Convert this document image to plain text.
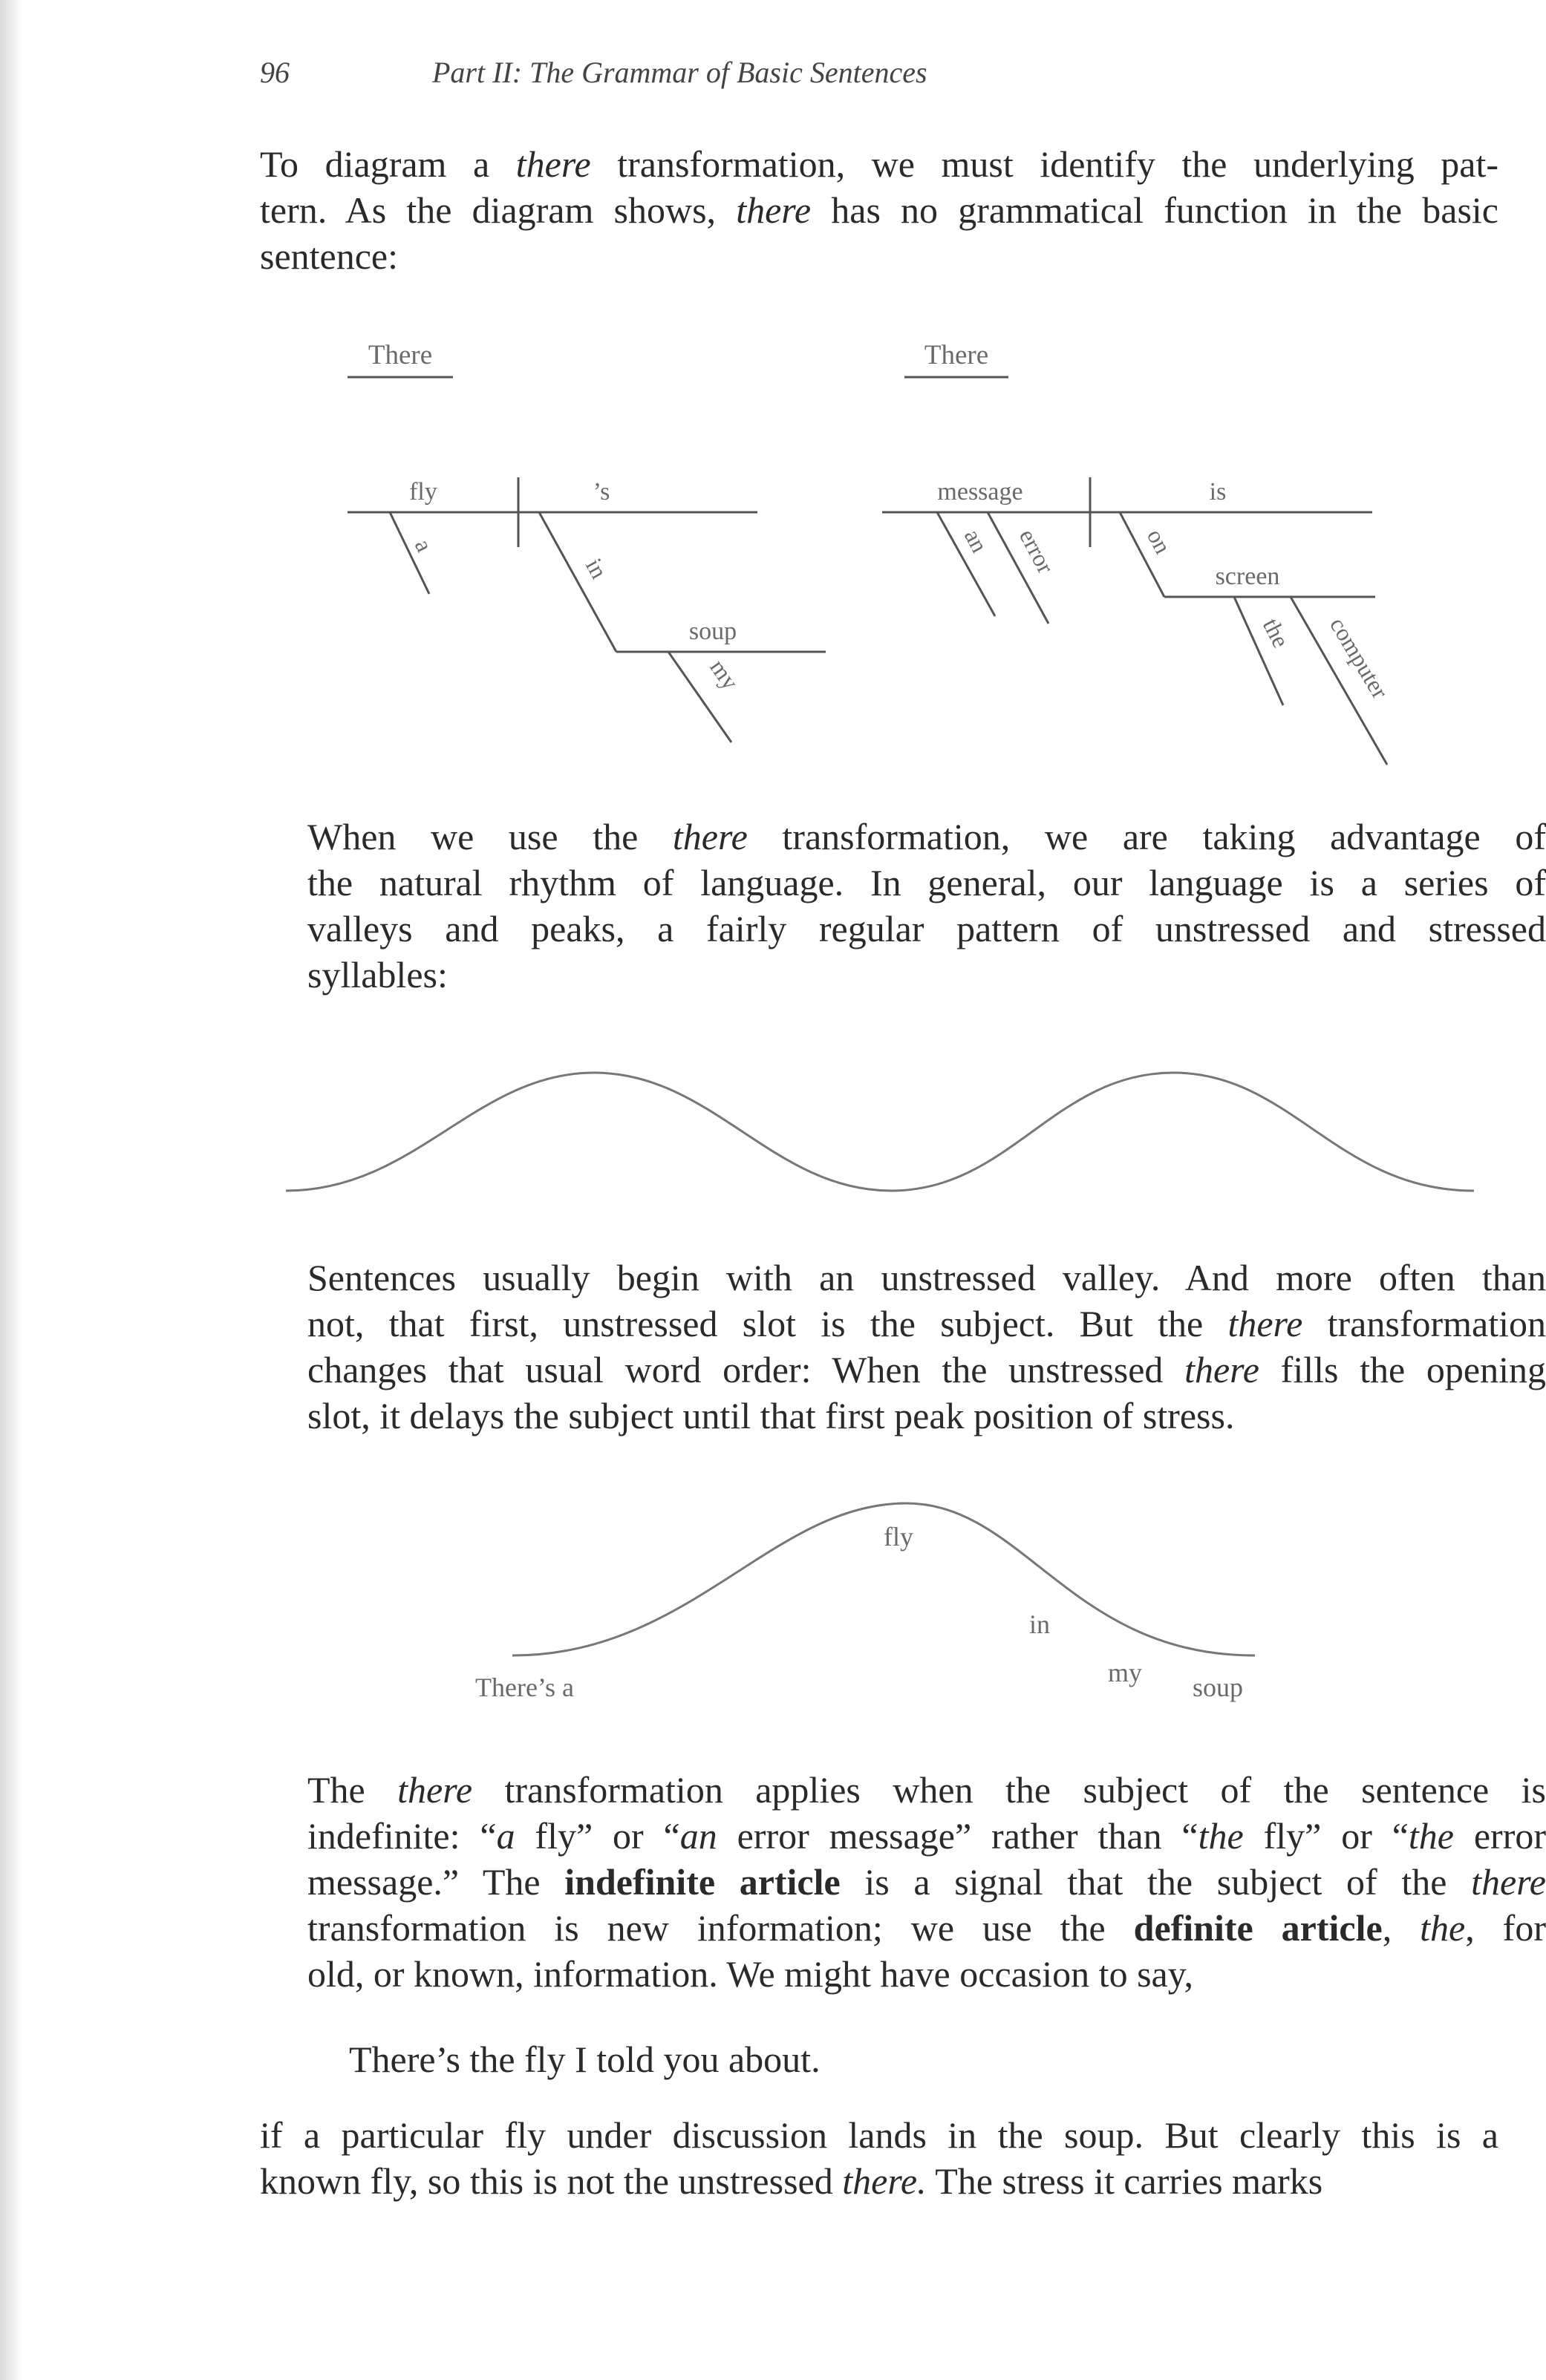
96	Part II: The Grammar of Basic Sentences
To diagram a there transformation, we must identify the underlying pat-
tern. As the diagram shows, there has no grammatical function in the basic
sentence:
There
fly	’s
a
in
soup
my
There
message	is
an error	on
screen
the computer
When we use the there transformation, we are taking advantage of
the natural rhythm of language. In general, our language is a series of
valleys and peaks, a fairly regular pattern of unstressed and stressed
syllables:
Sentences usually begin with an unstressed valley. And more often than
not, that first, unstressed slot is the subject. But the there transformation
changes that usual word order: When the unstressed there fills the opening
slot, it delays the subject until that first peak position of stress.
There’s a
fly
in
my soup
The there transformation applies when the subject of the sentence is
indefinite: “a fly” or “an error message” rather than “the fly” or “the error
message.” The indefinite article is a signal that the subject of the there
transformation is new information; we use the definite article, the, for
old, or known, information. We might have occasion to say,
There’s the fly I told you about.
if a particular fly under discussion lands in the soup. But clearly this is a
known fly, so this is not the unstressed there. The stress it carries marks
